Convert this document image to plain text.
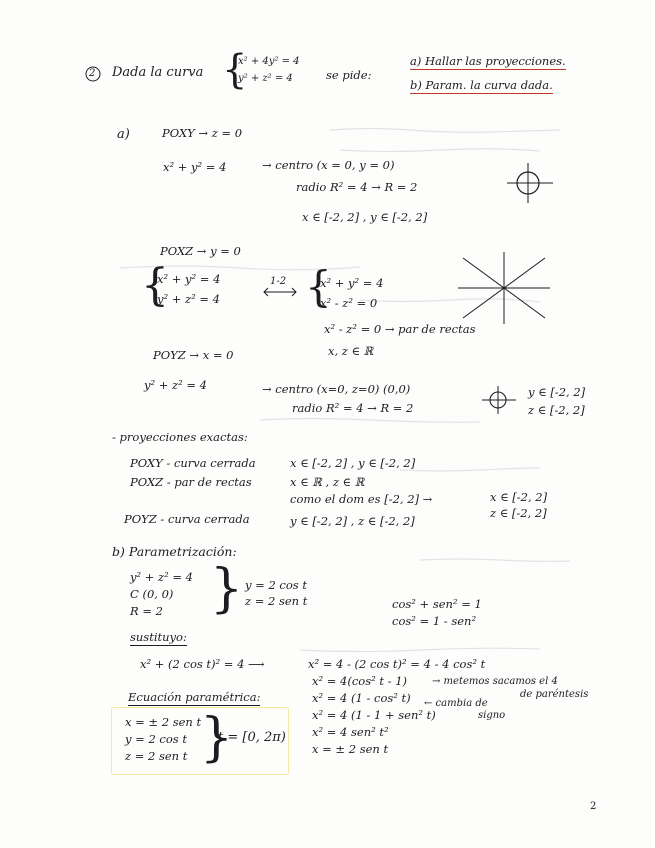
2 Dada la curva {
x² + 4y² = 4
y² + z² = 4	se pide:
a) Hallar las proyecciones.
b) Param. la curva dada.
a)	POXY → z = 0
x² + y² = 4	→ centro (x = 0, y = 0)
radio R² = 4 → R = 2
x ∈ [-2, 2] , y ∈ [-2, 2]
POXZ → y = 0
{
x² + y² = 4
y² + z² = 4
1-2 {
x² + y² = 4
x² - z² = 0
x² - z² = 0 → par de rectas
x, z ∈ ℝ
POYZ → x = 0
y² + z² = 4	→ centro (x=0, z=0) (0,0)
radio R² = 4 → R = 2
y ∈ [-2, 2]
z ∈ [-2, 2]
- proyecciones exactas:
POXY - curva cerrada	x ∈ [-2, 2] , y ∈ [-2, 2]
POXZ - par de rectas	x ∈ ℝ , z ∈ ℝ
como el dom es [-2, 2] →	x ∈ [-2, 2]
z ∈ [-2, 2]
POYZ - curva cerrada	y ∈ [-2, 2] , z ∈ [-2, 2]
b) Parametrización:
y² + z² = 4
C (0, 0)
R = 2 } y = 2 cos t
z = 2 sen t	cos² + sen² = 1
cos² = 1 - sen²
sustituyo:
x² + (2 cos t)² = 4 ⟶	x² = 4 - (2 cos t)² = 4 - 4 cos² t
x² = 4(cos² t - 1)	→ metemos sacamos el 4
de paréntesis
x² = 4 (1 - cos² t) ← cambia de
signo
x² = 4 (1 - 1 + sen² t)
x² = 4 sen² t²
x = ± 2 sen t
Ecuación paramétrica:
x = ± 2 sen t
y = 2 cos t
z = 2 sen t }
t = [0, 2π)
2
